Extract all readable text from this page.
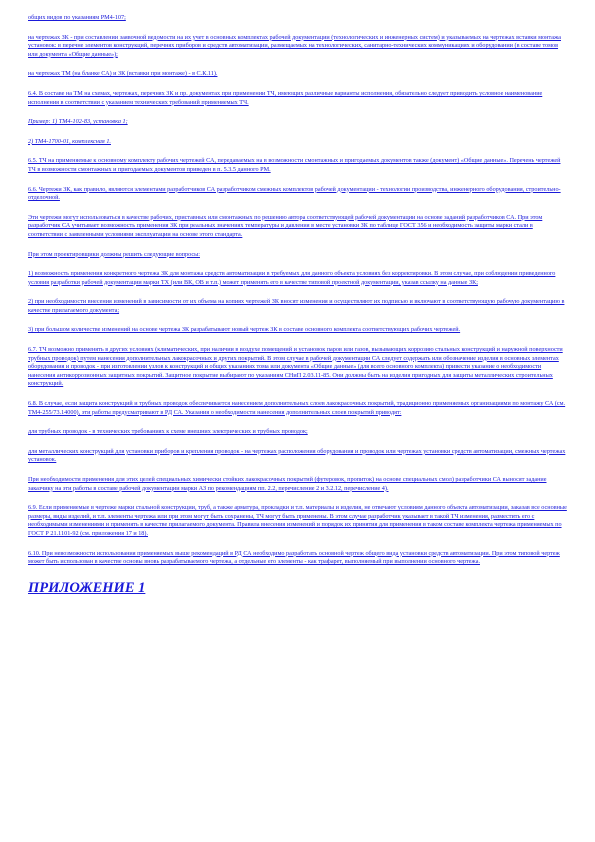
общих видов по указаниям РМ4-107;

на чертежах ЗК - при составлении заявочной ведомости на их учет в основных комплектах рабочей документации (технологических и инженерных систем) и указываемых на чертежах вставки монтажа установок: в перечне элементов конструкций, перечнях приборов и средств автоматизации, размещаемых на технологических, санитарно-технических коммуникациях и оборудовании (в составе томов или документа «Общие данные»);

на чертежах ТМ (на бланке СА) и ЗК (вставки при монтаже) - в С.К.11).

6.4. В составе на ТМ на схемах, чертежах, перечнях ЗК и пр. документах при применении ТЧ, имеющих различные варианты исполнения, обязательно следует приводить условное наименование исполнения в соответствии с указанием технических требований применяемых ТЧ.

Пример: 1) ТМ4-102-83, установка 1;

2) ТМ4-1700-01, комплексная 1.

6.5. ТЧ на применяемые к основному комплекту рабочих чертежей СА, передаваемых на в возможности смонтажных и пригодаемых документов также (документ) «Общие данные». Перечень чертежей ТЧ в возможности смонтажных и пригодаемых документов приведен в п. 5.3.5 данного РМ.

6.6. Чертежи ЗК, как правило, являются элементами разработчиков СА разработчиком смежных комплектов рабочей документации - технологии производства, инженерного оборудования, строительно-отделочной.

Эти чертежи могут использоваться в качестве рабочих, приставных или смонтажных по решению автора соответствующей рабочей документации на основе заданий разработчиков СА. При этом разработчик СА учитывает возможность применения ЗК при реальных значениях температуры и давления в месте установки ЗК по таблице ГОСТ 356 и необходимость защиты марки стали в соответствии с заявленными условиями эксплуатации на основе этого стандарта.

При этом проектировщики должны решить следующие вопросы:

1) возможность применения конкретного чертежа ЗК для монтажа средств автоматизации в требуемых для данного объекта условиях без корректировки. В этом случае, при соблюдении приведенного условия разработки рабочей документации марки ТХ (или ВК, ОВ и т.п.) может применять его в качестве типовой проектной документации, указав ссылку на данные ЗК;

2) при необходимости внесения изменений в зависимости от их объема на копиях чертежей ЗК вносят изменения и осуществляют их подписью и включают в соответствующую рабочую документацию в качестве прилагаемого документа;

3) при большом количестве изменений на основе чертежа ЗК разрабатывают новый чертеж ЗК в составе основного комплекта соответствующих рабочих чертежей.

6.7. ТЧ возможно применять в других условиях (климатических, при наличии в воздухе помещений и установок паров или газов, вызывающих коррозию стальных конструкций и наружной поверхности трубных проводок) путем нанесения дополнительных лакокрасочных и других покрытий. В этом случае в рабочей документации СА следует содержать или обозначение изделия в основных элементах оборудования и проводок - при изготовлении узлов к конструкций и общих указаниях тома или документа «Общие данные» (для всего основного комплекта) привести указание о необходимости нанесения антикоррозионных защитных покрытий. Защитное покрытие выбирают по указаниям СНиП 2.03.11-85. Они должны быть на изделия пригодных для защиты металлических строительных конструкций.

6.8. В случае, если защита конструкций и трубных проводок обеспечивается нанесением дополнительных слоев лакокрасочных покрытий, традиционно применяемых организациями по монтажу СА (см. ТМ4-255/73.14000), эти работы предусматривают в РД СА. Указания о необходимости нанесения дополнительных слоев покрытий приводят:

для трубных проводок - в технических требованиях к схеме внешних электрических и трубных проводок;

для металлических конструкций для установки приборов и крепления проводок - на чертежах расположения оборудования и проводок или чертежах установки средств автоматизации, смежных чертежах установок.

При необходимости применения для этих целей специальных химически стойких лакокрасочных покрытий (футеровок, пропиток) на основе специальных смол) разработчики СА выносят задание заказчику на эти работы в составе рабочей документации марки АЗ по рекомендациям пп. 2.2, перечисление 2 и 3.2.12, перечисление 4).

6.9. Если применяемые в чертеже марки стальной конструкции, труб, а также арматура, прокладки и т.п. материалы и изделия, не отвечают условиям данного объекта автоматизации, заказав все основные размеры, виды изделий, и т.п. элементы чертежа или при этом могут быть сохранены, ТЧ могут быть применены. В этом случае разработчик указывает в такой ТЧ изменения, разместить его с необходимыми изменениями и применять в качестве прилагаемого документа. Правила внесения изменений и порядок их принятия для применения в таком составе комплекта чертежа применяемых по ГОСТ Р 21.1101-92 (см. приложения 17 и 18).

6.10. При невозможности использования применяемых выше рекомендаций в РД СА необходимо разработать основной чертеж общего вида установки средств автоматизации. При этом типовой чертеж может быть использован в качестве основы вновь разрабатываемого чертежа, а отдельные его элементы - как трафарет, выполняемый при выполнении основного чертежа.

ПРИЛОЖЕНИЕ 1
